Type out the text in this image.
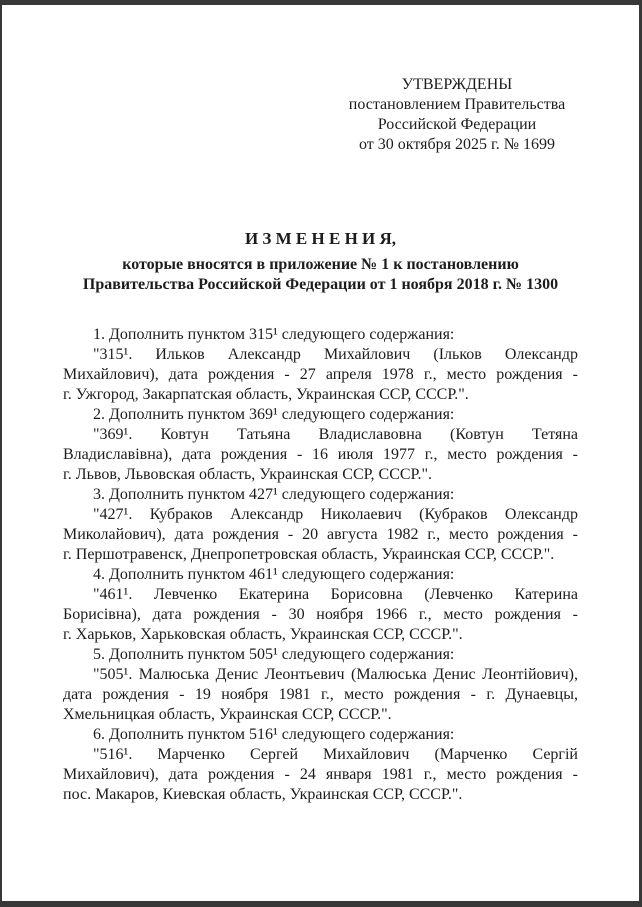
УТВЕРЖДЕНЫ
постановлением Правительства
Российской Федерации
от 30 октября 2025 г. № 1699
И З М Е Н Е Н И Я,
которые вносятся в приложение № 1 к постановлению
Правительства Российской Федерации от 1 ноября 2018 г. № 1300
1. Дополнить пунктом 315¹ следующего содержания:
"315¹. Ильков Александр Михайлович (Ільков Олександр
Михайлович), дата рождения - 27 апреля 1978 г., место рождения -
г. Ужгород, Закарпатская область, Украинская ССР, СССР.".
2. Дополнить пунктом 369¹ следующего содержания:
"369¹. Ковтун Татьяна Владиславовна (Ковтун Тетяна
Владиславівна), дата рождения - 16 июля 1977 г., место рождения -
г. Львов, Львовская область, Украинская ССР, СССР.".
3. Дополнить пунктом 427¹ следующего содержания:
"427¹. Кубраков Александр Николаевич (Кубраков Олександр
Миколайович), дата рождения - 20 августа 1982 г., место рождения -
г. Першотравенск, Днепропетровская область, Украинская ССР, СССР.".
4. Дополнить пунктом 461¹ следующего содержания:
"461¹. Левченко Екатерина Борисовна (Левченко Катерина
Борисівна), дата рождения - 30 ноября 1966 г., место рождения -
г. Харьков, Харьковская область, Украинская ССР, СССР.".
5. Дополнить пунктом 505¹ следующего содержания:
"505¹. Малюська Денис Леонтьевич (Малюська Денис Леонтійович),
дата рождения - 19 ноября 1981 г., место рождения - г. Дунаевцы,
Хмельницкая область, Украинская ССР, СССР.".
6. Дополнить пунктом 516¹ следующего содержания:
"516¹. Марченко Сергей Михайлович (Марченко Сергій
Михайлович), дата рождения - 24 января 1981 г., место рождения -
пос. Макаров, Киевская область, Украинская ССР, СССР.".
